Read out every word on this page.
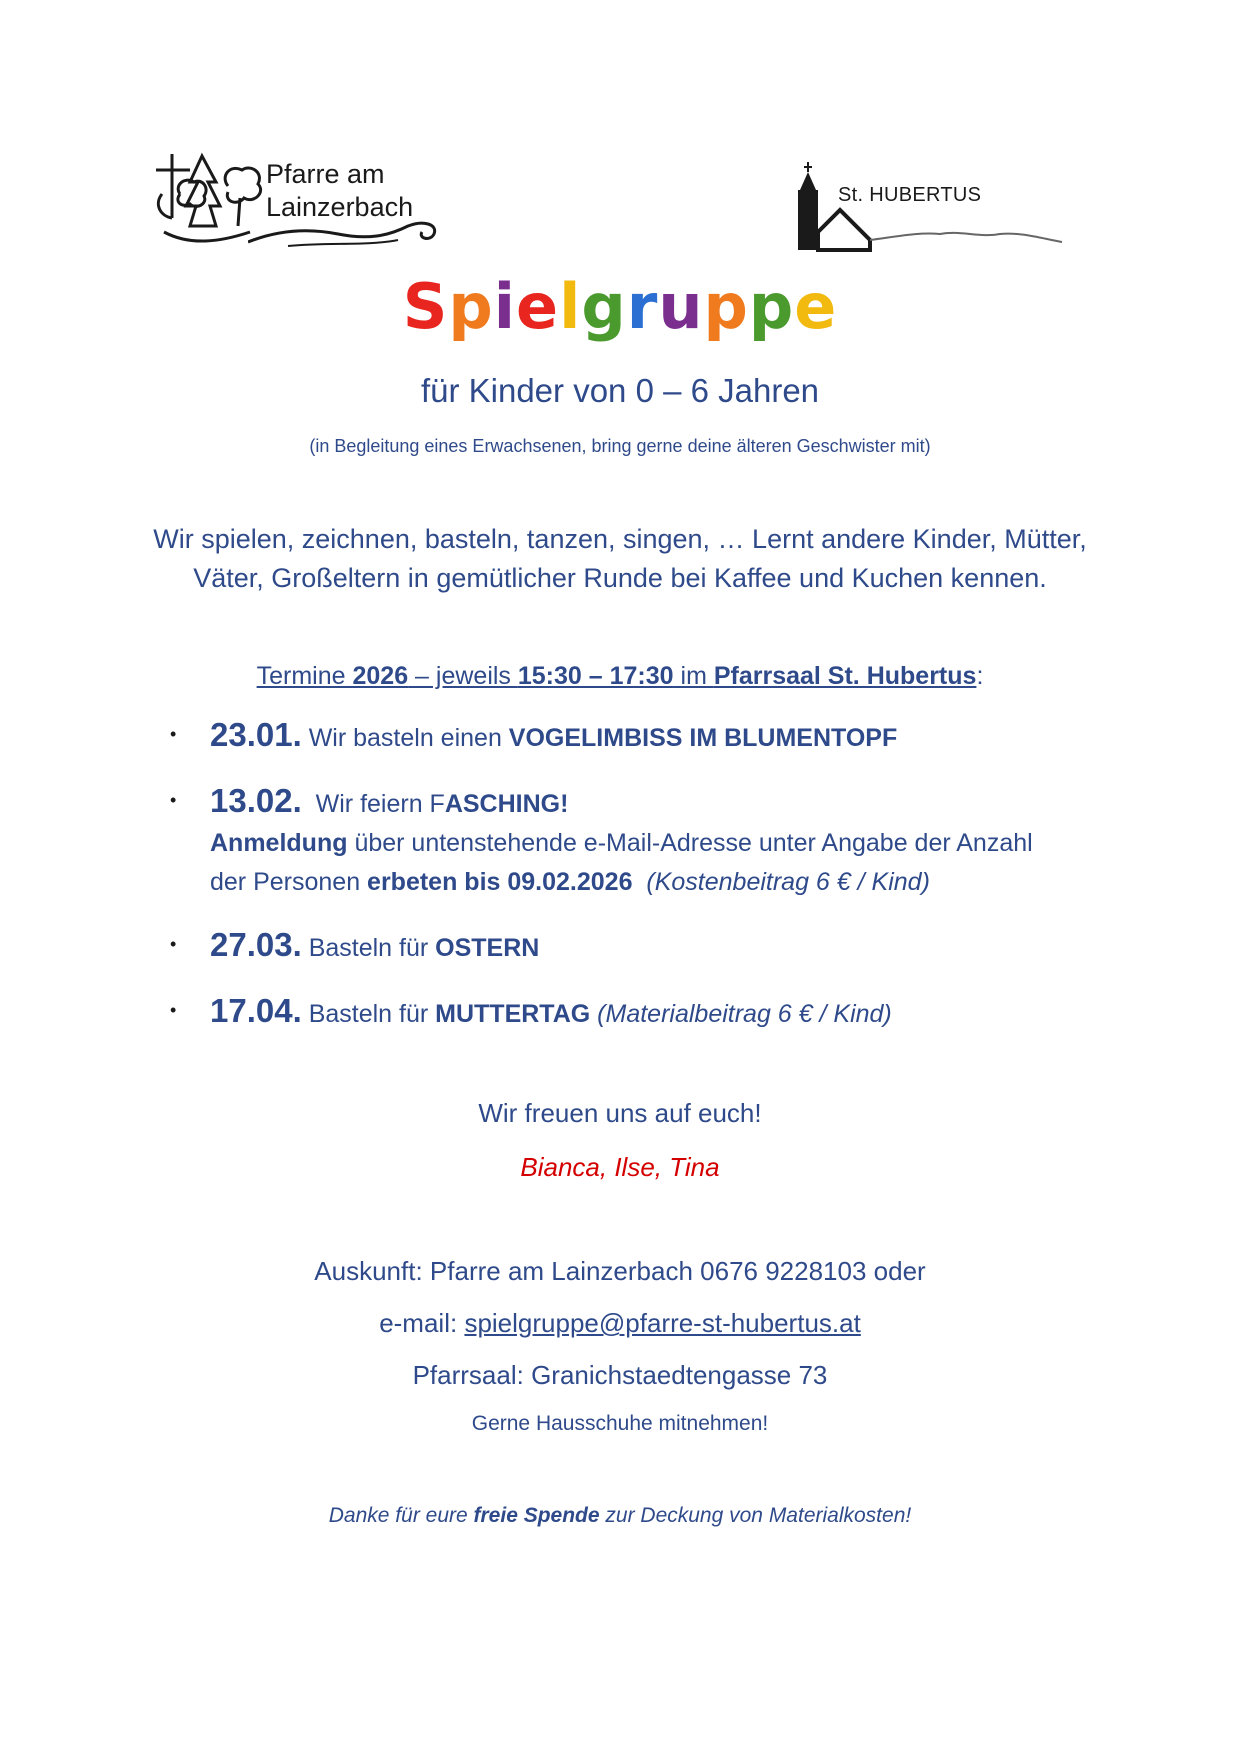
Pfarre am
Lainzerbach	St. HUBERTUS
Spielgruppe
für Kinder von 0 – 6 Jahren
(in Begleitung eines Erwachsenen, bring gerne deine älteren Geschwister mit)
Wir spielen, zeichnen, basteln, tanzen, singen, … Lernt andere Kinder, Mütter,
Väter, Großeltern in gemütlicher Runde bei Kaffee und Kuchen kennen.
Termine 2026 – jeweils 15:30 – 17:30 im Pfarrsaal St. Hubertus:
• 23.01. Wir basteln einen VOGELIMBISS IM BLUMENTOPF
• 13.02.  Wir feiern FASCHING!
Anmeldung über untenstehende e-Mail-Adresse unter Angabe der Anzahl
der Personen erbeten bis 09.02.2026  (Kostenbeitrag 6 € / Kind)
• 27.03. Basteln für OSTERN
• 17.04. Basteln für MUTTERTAG (Materialbeitrag 6 € / Kind)
Wir freuen uns auf euch!
Bianca, Ilse, Tina
Auskunft: Pfarre am Lainzerbach 0676 9228103 oder
e-mail: spielgruppe@pfarre-st-hubertus.at
Pfarrsaal: Granichstaedtengasse 73
Gerne Hausschuhe mitnehmen!
Danke für eure freie Spende zur Deckung von Materialkosten!
